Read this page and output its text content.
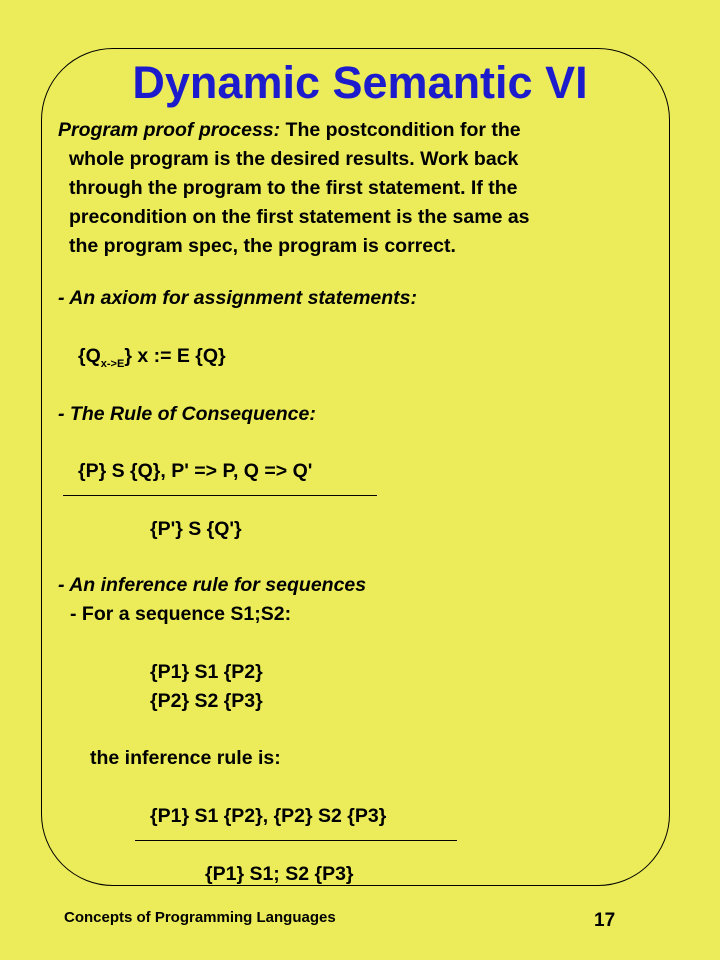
Dynamic Semantic VI
Program proof process: The postcondition for the
whole program is the desired results. Work back
through the program to the first statement. If the
precondition on the first statement is the same as
the program spec, the program is correct.
- An axiom for assignment statements:
$\{Q_{x->E}\}$ x := E {Q}
- The Rule of Consequence:
{P} S {Q}, P' => P, Q => Q'
{P'} S {Q'}
- An inference rule for sequences
- For a sequence S1;S2:
{P1} S1 {P2}
{P2} S2 {P3}
the inference rule is:
{P1} S1 {P2}, {P2} S2 {P3}
{P1} S1; S2 {P3}
Concepts of Programming Languages	17
